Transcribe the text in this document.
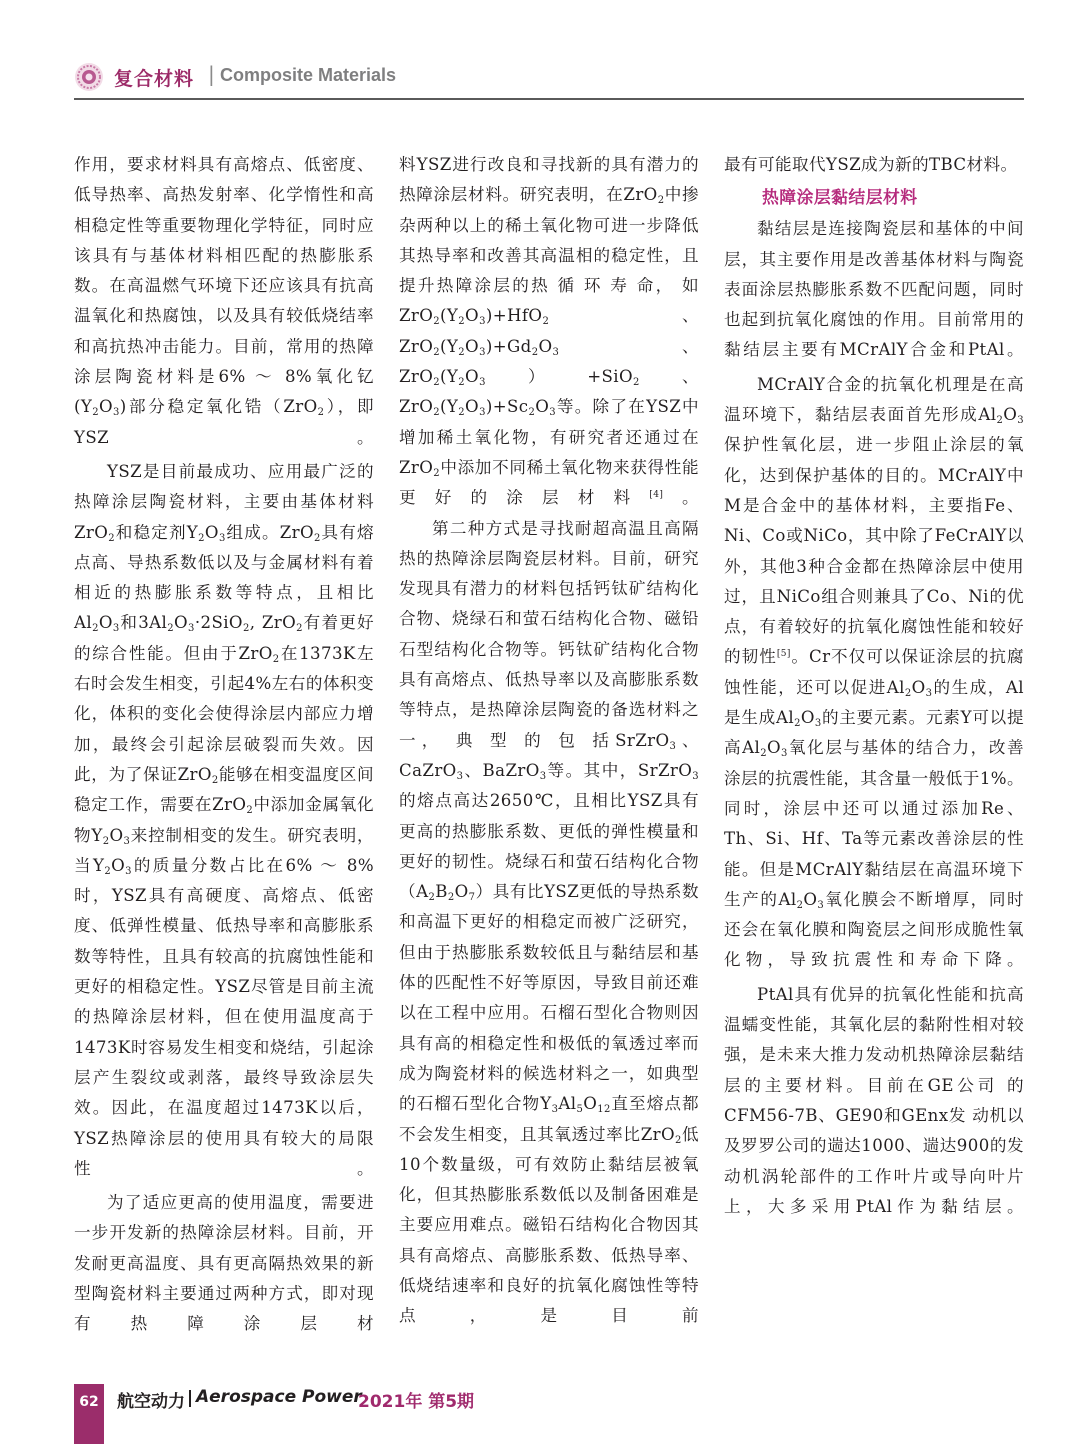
复合材料 | Composite Materials

作用，要求材料具有高熔点、低密度、低导热率、高热发射率、化学惰性和高相稳定性等重要物理化学特征，同时应该具有与基体材料相匹配的热膨胀系数。在高温燃气环境下还应该具有抗高温氧化和热腐蚀，以及具有较低烧结率和高抗热冲击能力。目前，常用的热障涂层陶瓷材料是6% ～ 8%氧化钇$(Y_2O_3)$部分稳定氧化锆（ZrO$_2$），即YSZ。

YSZ是目前最成功、应用最广泛的热障涂层陶瓷材料，主要由基体材料ZrO$_2$和稳定剂$Y_2O_3$组成。ZrO$_2$具有熔点高、导热系数低以及与金属材料有着相近的热膨胀系数等特点，且相比$Al_2O_3$和$3Al_2O_3\cdot 2SiO_2$, ZrO$_2$有着更好的综合性能。但由于ZrO$_2$在1373K左右时会发生相变，引起4%左右的体积变化，体积的变化会使得涂层内部应力增加，最终会引起涂层破裂而失效。因此，为了保证ZrO$_2$能够在相变温度区间稳定工作，需要在ZrO$_2$中添加金属氧化物$Y_2O_3$来控制相变的发生。研究表明，当$Y_2O_3$的质量分数占比在6% ～ 8%时，YSZ具有高硬度、高熔点、低密度、低弹性模量、低热导率和高膨胀系数等特性，且具有较高的抗腐蚀性能和更好的相稳定性。YSZ尽管是目前主流的热障涂层材料，但在使用温度高于1473K时容易发生相变和烧结，引起涂层产生裂纹或剥落，最终导致涂层失效。因此，在温度超过1473K以后，YSZ热障涂层的使用具有较大的局限性。

为了适应更高的使用温度，需要进一步开发新的热障涂层材料。目前，开发耐更高温度、具有更高隔热效果的新型陶瓷材料主要通过两种方式，即对现有热障涂层材

料YSZ进行改良和寻找新的具有潜力的热障涂层材料。研究表明，在ZrO$_2$中掺杂两种以上的稀土氧化物可进一步降低其热导率和改善其高温相的稳定性，且提升热障涂层的热 循 环 寿 命， 如$ZrO_2(Y_2O_3)+HfO_2$、$ZrO_2(Y_2O_3)+Gd_2O_3$、$ZrO_2(Y_2O_3)+SiO_2$、$ZrO_2(Y_2O_3)+Sc_2O_3$等。除了在YSZ中增加稀土氧化物，有研究者还通过在ZrO$_2$中添加不同稀土氧化物来获得性能更好的涂层材料[4]。

第二种方式是寻找耐超高温且高隔热的热障涂层陶瓷层材料。目前，研究发现具有潜力的材料包括钙钛矿结构化合物、烧绿石和萤石结构化合物、磁铅石型结构化合物等。钙钛矿结构化合物具有高熔点、低热导率以及高膨胀系数等特点，是热障涂层陶瓷的备选材料之一， 典 型 的 包 括SrZrO$_3$、CaZrO$_3$、BaZrO$_3$等。其中，SrZrO$_3$的熔点高达2650℃，且相比YSZ具有更高的热膨胀系数、更低的弹性模量和更好的韧性。烧绿石和萤石结构化合物$(A_2B_2O_7)$具有比YSZ更低的导热系数和高温下更好的相稳定而被广泛研究，但由于热膨胀系数较低且与黏结层和基体的匹配性不好等原因，导致目前还难以在工程中应用。石榴石型化合物则因具有高的相稳定性和极低的氧透过率而成为陶瓷材料的候选材料之一，如典型的石榴石型化合物$Y_3Al_5O_{12}$直至熔点都不会发生相变，且其氧透过率比ZrO$_2$低10个数量级，可有效防止黏结层被氧化，但其热膨胀系数低以及制备困难是主要应用难点。磁铅石结构化合物因其具有高熔点、高膨胀系数、低热导率、低烧结速率和良好的抗氧化腐蚀性等特点，是目前

最有可能取代YSZ成为新的TBC材料。

热障涂层黏结层材料

黏结层是连接陶瓷层和基体的中间层，其主要作用是改善基体材料与陶瓷表面涂层热膨胀系数不匹配问题，同时也起到抗氧化腐蚀的作用。目前常用的黏结层主要有MCrAlY合金和PtAl。

MCrAlY合金的抗氧化机理是在高温环境下，黏结层表面首先形成$Al_2O_3$保护性氧化层，进一步阻止涂层的氧化，达到保护基体的目的。MCrAlY中M是合金中的基体材料，主要指Fe、Ni、Co或NiCo，其中除了FeCrAlY以外，其他3种合金都在热障涂层中使用过，且NiCo组合则兼具了Co、Ni的优点，有着较好的抗氧化腐蚀性能和较好的韧性[5]。Cr不仅可以保证涂层的抗腐蚀性能，还可以促进$Al_2O_3$的生成，Al是生成$Al_2O_3$的主要元素。元素Y可以提高$Al_2O_3$氧化层与基体的结合力，改善涂层的抗震性能，其含量一般低于1%。同时，涂层中还可以通过添加Re、Th、Si、Hf、Ta等元素改善涂层的性能。但是MCrAlY黏结层在高温环境下生产的$Al_2O_3$氧化膜会不断增厚，同时还会在氧化膜和陶瓷层之间形成脆性氧化物，导致抗震性和寿命下降。

PtAl具有优异的抗氧化性能和抗高温蠕变性能，其氧化层的黏附性相对较强，是未来大推力发动机热障涂层黏结层的主要材料。目前在GE公司 的CFM56-7B、GE90和GEnx发 动机以及罗罗公司的遄达1000、遄达900的发动机涡轮部件的工作叶片或导向叶片上，大多采用PtAl作为黏结层。

62	航空动力 Aerospace Power
2021年 第5期
